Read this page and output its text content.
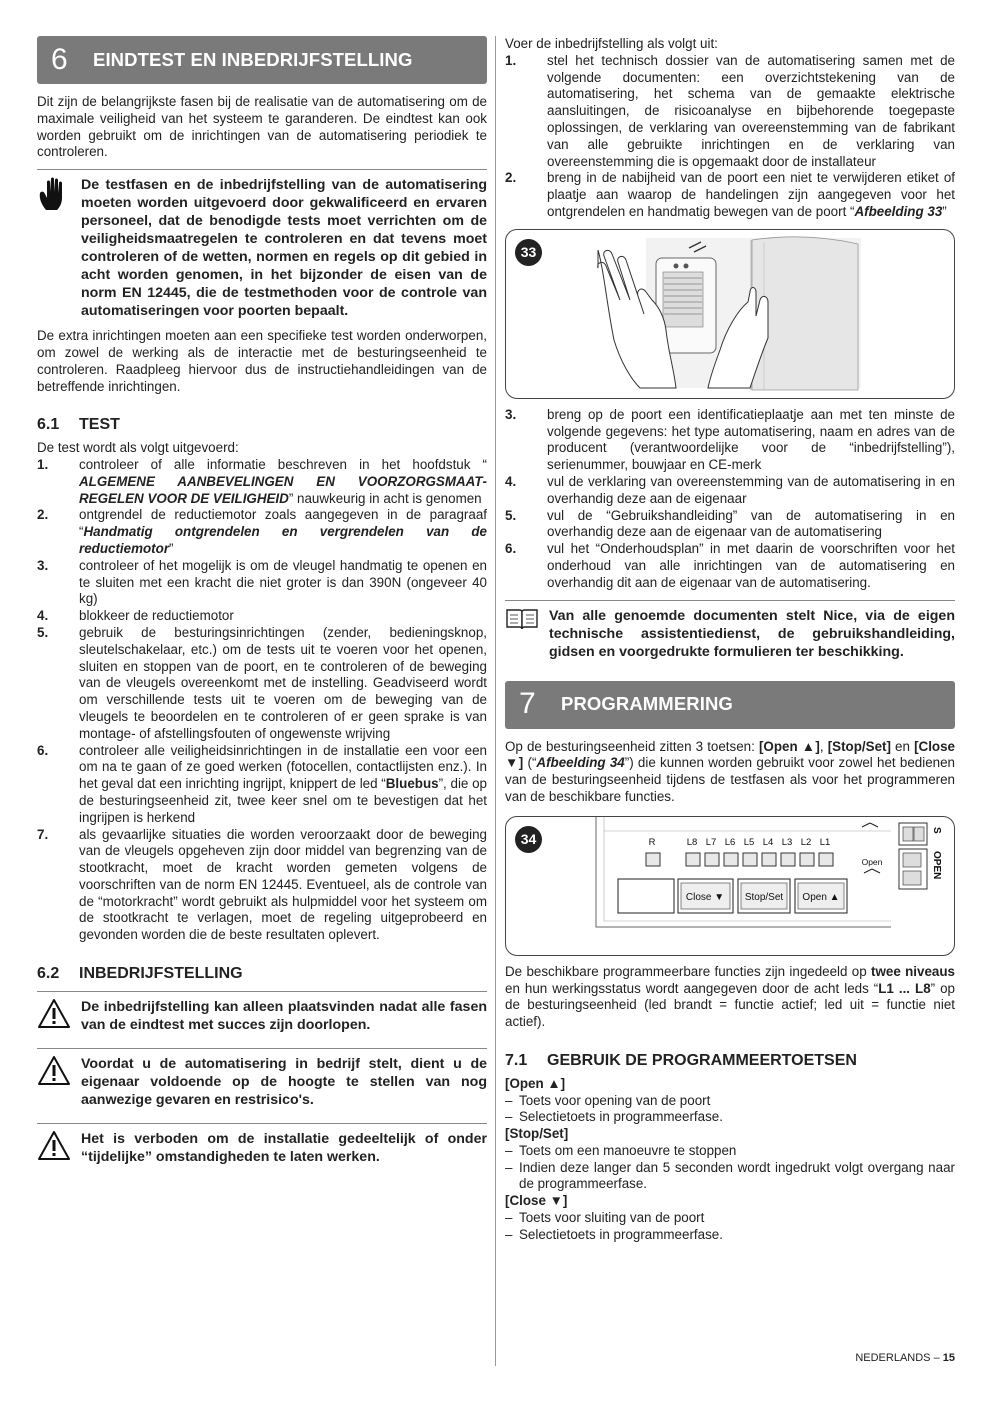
6	EINDTEST EN INBEDRIJFSTELLING

Dit zijn de belangrijkste fasen bij de realisatie van de automatisering om de maximale veiligheid van het systeem te garanderen. De eindtest kan ook worden gebruikt om de inrichtingen van de automatisering periodiek te controleren.

De testfasen en de inbedrijfstelling van de automatisering moeten worden uitgevoerd door gekwalificeerd en ervaren personeel, dat de benodigde tests moet verrichten om de veiligheidsmaatregelen te controleren en dat tevens moet controleren of de wetten, normen en regels op dit gebied in acht worden genomen, in het bijzonder de eisen van de norm EN 12445, die de testmethoden voor de controle van automatiseringen voor poorten bepaalt.

De extra inrichtingen moeten aan een specifieke test worden onderworpen, om zowel de werking als de interactie met de besturingseenheid te controleren. Raadpleeg hiervoor dus de instructiehandleidingen van de betreffende inrichtingen.

6.1	TEST

De test wordt als volgt uitgevoerd:

1.	controleer of alle informatie beschreven in het hoofdstuk “ ALGEMENE AANBEVELINGEN EN VOORZORGSMAATREGELEN VOOR DE VEILIGHEID” nauwkeurig in acht is genomen
2.	ontgrendel de reductiemotor zoals aangegeven in de paragraaf “Handmatig ontgrendelen en vergrendelen van de reductiemotor”
3.	controleer of het mogelijk is om de vleugel handmatig te openen en te sluiten met een kracht die niet groter is dan 390N (ongeveer 40 kg)
4.	blokkeer de reductiemotor
5.	gebruik de besturingsinrichtingen (zender, bedieningsknop, sleutelschakelaar, etc.) om de tests uit te voeren voor het openen, sluiten en stoppen van de poort, en te controleren of de beweging van de vleugels overeenkomt met de instelling. Geadviseerd wordt om verschillende tests uit te voeren om de beweging van de vleugels te beoordelen en te controleren of er geen sprake is van montage- of afstellingsfouten of ongewenste wrijving
6.	controleer alle veiligheidsinrichtingen in de installatie een voor een om na te gaan of ze goed werken (fotocellen, contactlijsten enz.). In het geval dat een inrichting ingrijpt, knippert de led “Bluebus”, die op de besturingseenheid zit, twee keer snel om te bevestigen dat het ingrijpen is herkend
7.	als gevaarlijke situaties die worden veroorzaakt door de beweging van de vleugels opgeheven zijn door middel van begrenzing van de stootkracht, moet de kracht worden gemeten volgens de voorschriften van de norm EN 12445. Eventueel, als de controle van de “motorkracht” wordt gebruikt als hulpmiddel voor het systeem om de stootkracht te verlagen, moet de regeling uitgeprobeerd en gevonden worden die de beste resultaten oplevert.
6.2	INBEDRIJFSTELLING
De inbedrijfstelling kan alleen plaatsvinden nadat alle fasen van de eindtest met succes zijn doorlopen.
Voordat u de automatisering in bedrijf stelt, dient u de eigenaar voldoende op de hoogte te stellen van nog aanwezige gevaren en restrisico's.
Het is verboden om de installatie gedeeltelijk of onder “tijdelijke” omstandigheden te laten werken.

Voer de inbedrijfstelling als volgt uit:

1.	stel het technisch dossier van de automatisering samen met de volgende documenten: een overzichtstekening van de automatisering, het schema van de gemaakte elektrische aansluitingen, de risicoanalyse en bijbehorende toegepaste oplossingen, de verklaring van overeenstemming van de fabrikant van alle gebruikte inrichtingen en de verklaring van overeenstemming die is opgemaakt door de installateur
2.	breng in de nabijheid van de poort een niet te verwijderen etiket of plaatje aan waarop de handelingen zijn aangegeven voor het ontgrendelen en handmatig bewegen van de poort “Afbeelding 33”
33
3.	breng op de poort een identificatieplaatje aan met ten minste de volgende gegevens: het type automatisering, naam en adres van de producent (verantwoordelijke voor de “inbedrijfstelling”), serienummer, bouwjaar en CE-merk
4.	vul de verklaring van overeenstemming van de automatisering in en overhandig deze aan de eigenaar
5.	vul de “Gebruikshandleiding” van de automatisering in en overhandig deze aan de eigenaar van de automatisering
6.	vul het “Onderhoudsplan” in met daarin de voorschriften voor het onderhoud van alle inrichtingen van de automatisering en overhandig dit aan de eigenaar van de automatisering.
Van alle genoemde documenten stelt Nice, via de eigen technische assistentiedienst, de gebruikshandleiding, gidsen en voorgedrukte formulieren ter beschikking.
7	PROGRAMMERING

Op de besturingseenheid zitten 3 toetsen: [Open ▲], [Stop/Set] en [Close ▼] (“Afbeelding 34”) die kunnen worden gebruikt voor zowel het bedienen van de besturingseenheid tijdens de testfasen als voor het programmeren van de beschikbare functies.

34	R	L8 L7 L6 L5 L4 L3 L2 L1
Close ▼ Stop/Set Open ▲
Open
S
OPEN

De beschikbare programmeerbare functies zijn ingedeeld op twee niveaus en hun werkingsstatus wordt aangegeven door de acht leds “L1 ... L8” op de besturingseenheid (led brandt = functie actief; led uit = functie niet actief).

7.1	GEBRUIK DE PROGRAMMEERTOETSEN
[Open ▲]
– Toets voor opening van de poort
– Selectietoets in programmeerfase.
[Stop/Set]
– Toets om een manoeuvre te stoppen
– Indien deze langer dan 5 seconden wordt ingedrukt volgt overgang naar de programmeerfase.
[Close ▼]
– Toets voor sluiting van de poort
– Selectietoets in programmeerfase.
NEDERLANDS – 15
